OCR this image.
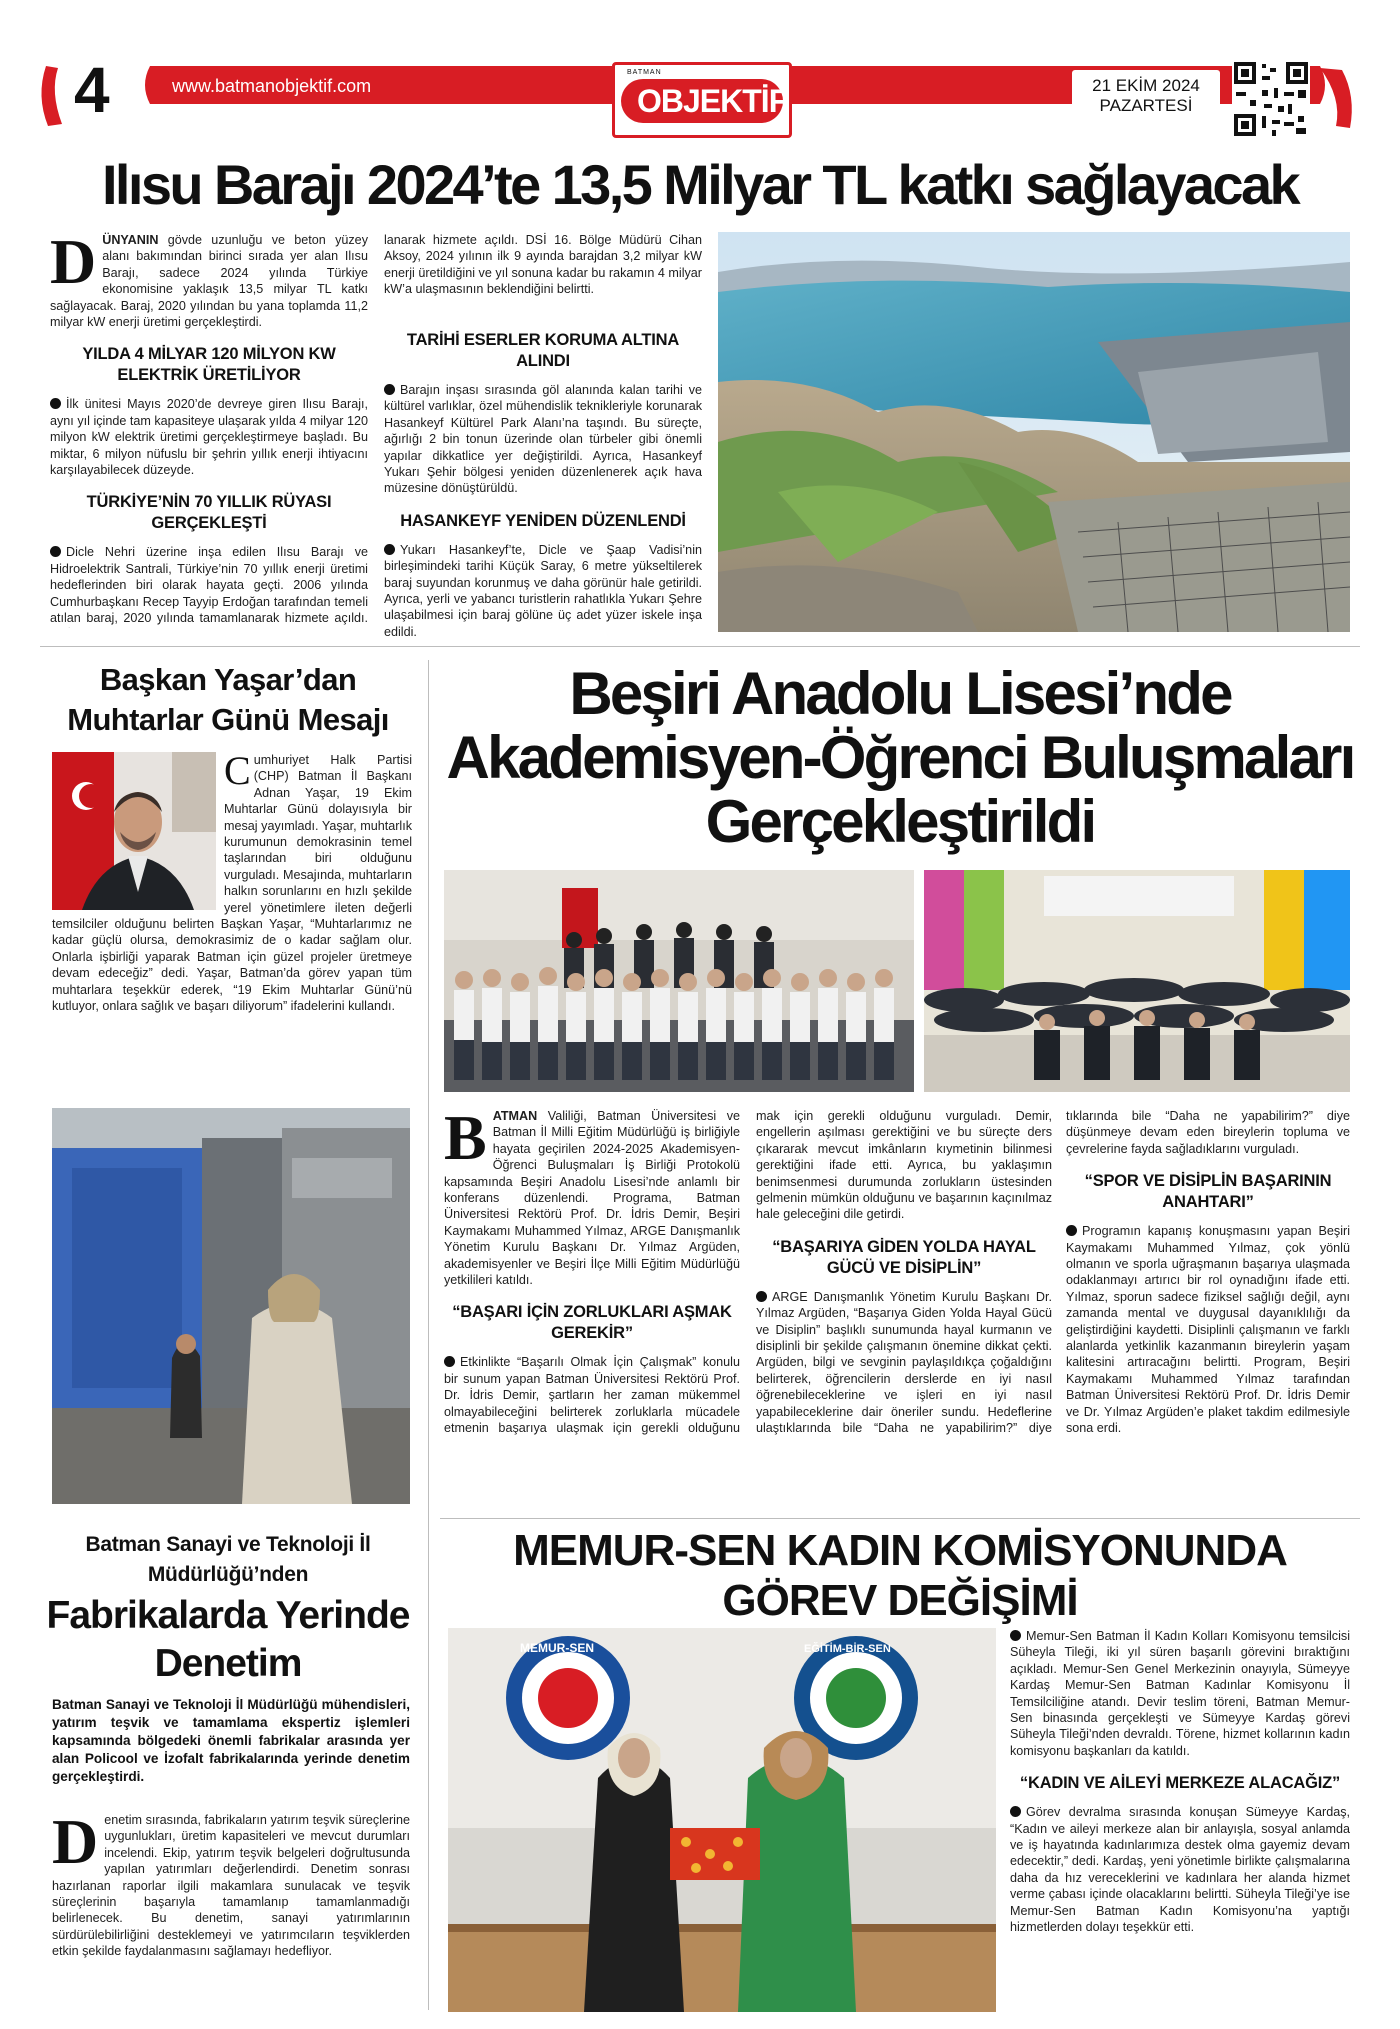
4	www.batmanobjektif.com
BATMAN
OBJEKTİF	21 EKİM 2024
PAZARTESİ
Ilısu Barajı 2024’te 13,5 Milyar TL katkı sağlayacak

DÜNYANIN gövde uzunluğu ve beton yüzey alanı bakımından birinci sırada yer alan Ilısu Barajı, sadece 2024 yılında Türkiye ekonomisine yaklaşık 13,5 milyar TL katkı sağlayacak. Baraj, 2020 yılından bu yana toplamda 11,2 milyar kW enerji üretimi gerçekleştirdi.

YILDA 4 MİLYAR 120 MİLYON KW ELEKTRİK ÜRETİLİYOR

İlk ünitesi Mayıs 2020’de devreye giren Ilısu Barajı, aynı yıl içinde tam kapasiteye ulaşarak yılda 4 milyar 120 milyon kW elektrik üretimi gerçekleştirmeye başladı. Bu miktar, 6 milyon nüfuslu bir şehrin yıllık enerji ihtiyacını karşılayabilecek düzeyde.

TÜRKİYE’NİN 70 YILLIK RÜYASI GERÇEKLEŞTİ

Dicle Nehri üzerine inşa edilen Ilısu Barajı ve Hidroelektrik Santrali, Türkiye’nin 70 yıllık enerji üretimi hedeflerinden biri olarak hayata geçti. 2006 yılında Cumhurbaşkanı Recep Tayyip Erdoğan tarafından temeli atılan baraj, 2020 yılında tamamlanarak hizmete açıldı.

lanarak hizmete açıldı. DSİ 16. Bölge Müdürü Cihan Aksoy, 2024 yılının ilk 9 ayında barajdan 3,2 milyar kW enerji üretildiğini ve yıl sonuna kadar bu rakamın 4 milyar kW’a ulaşmasının beklendiğini belirtti.

TARİHİ ESERLER KORUMA ALTINA ALINDI

Barajın inşası sırasında göl alanında kalan tarihi ve kültürel varlıklar, özel mühendislik teknikleriyle korunarak Hasankeyf Kültürel Park Alanı’na taşındı. Bu süreçte, ağırlığı 2 bin tonun üzerinde olan türbeler gibi önemli yapılar dikkatlice yer değiştirildi. Ayrıca, Hasankeyf Yukarı Şehir bölgesi yeniden düzenlenerek açık hava müzesine dönüştürüldü.

HASANKEYF YENİDEN DÜZENLENDİ

Yukarı Hasankeyf’te, Dicle ve Şaap Vadisi’nin birleşimindeki tarihi Küçük Saray, 6 metre yükseltilerek baraj suyundan korunmuş ve daha görünür hale getirildi. Ayrıca, yerli ve yabancı turistlerin rahatlıkla Yukarı Şehre ulaşabilmesi için baraj gölüne üç adet yüzer iskele inşa edildi.

Başkan Yaşar’dan Muhtarlar Günü Mesajı

Cumhuriyet Halk Partisi (CHP) Batman İl Başkanı Adnan Yaşar, 19 Ekim Muhtarlar Günü dolayısıyla bir mesaj yayımladı. Yaşar, muhtarlık kurumunun demokrasinin temel taşlarından biri olduğunu vurguladı. Mesajında, muhtarların halkın sorunlarını en hızlı şekilde yerel yönetimlere ileten değerli temsilciler olduğunu belirten Başkan Yaşar, “Muhtarlarımız ne kadar güçlü olursa, demokrasimiz de o kadar sağlam olur. Onlarla işbirliği yaparak Batman için güzel projeler üretmeye devam edeceğiz” dedi. Yaşar, Batman’da görev yapan tüm muhtarlara teşekkür ederek, “19 Ekim Muhtarlar Günü’nü kutluyor, onlara sağlık ve başarı diliyorum” ifadelerini kullandı.

Batman Sanayi ve Teknoloji İl Müdürlüğü’nden
Fabrikalarda Yerinde Denetim
Batman Sanayi ve Teknoloji İl Müdürlüğü mühendisleri, yatırım teşvik ve tamamlama ekspertiz işlemleri kapsamında bölgedeki önemli fabrikalar arasında yer alan Policool ve İzofalt fabrikalarında yerinde denetim gerçekleştirdi.

Denetim sırasında, fabrikaların yatırım teşvik süreçlerine uygunlukları, üretim kapasiteleri ve mevcut durumları incelendi. Ekip, yatırım teşvik belgeleri doğrultusunda yapılan yatırımları değerlendirdi. Denetim sonrası hazırlanan raporlar ilgili makamlara sunulacak ve teşvik süreçlerinin başarıyla tamamlanıp tamamlanmadığı belirlenecek. Bu denetim, sanayi yatırımlarının sürdürülebilirliğini desteklemeyi ve yatırımcıların teşviklerden etkin şekilde faydalanmasını sağlamayı hedefliyor.

Beşiri Anadolu Lisesi’nde Akademisyen-Öğrenci Buluşmaları Gerçekleştirildi

BATMAN Valiliği, Batman Üniversitesi ve Batman İl Milli Eğitim Müdürlüğü iş birliğiyle hayata geçirilen 2024-2025 Akademisyen-Öğrenci Buluşmaları İş Birliği Protokolü kapsamında Beşiri Anadolu Lisesi’nde anlamlı bir konferans düzenlendi. Programa, Batman Üniversitesi Rektörü Prof. Dr. İdris Demir, Beşiri Kaymakamı Muhammed Yılmaz, ARGE Danışmanlık Yönetim Kurulu Başkanı Dr. Yılmaz Argüden, akademisyenler ve Beşiri İlçe Milli Eğitim Müdürlüğü yetkilileri katıldı.

“BAŞARI İÇİN ZORLUKLARI AŞMAK GEREKİR”

Etkinlikte “Başarılı Olmak İçin Çalışmak” konulu bir sunum yapan Batman Üniversitesi Rektörü Prof. Dr. İdris Demir, şartların her zaman mükemmel olmayabileceğini belirterek zorluklarla mücadele etmenin başarıya ulaşmak için gerekli olduğunu

mak için gerekli olduğunu vurguladı. Demir, engellerin aşılması gerektiğini ve bu süreçte ders çıkararak mevcut imkânların kıymetinin bilinmesi gerektiğini ifade etti. Ayrıca, bu yaklaşımın benimsenmesi durumunda zorlukların üstesinden gelmenin mümkün olduğunu ve başarının kaçınılmaz hale geleceğini dile getirdi.

“BAŞARIYA GİDEN YOLDA HAYAL GÜCÜ VE DİSİPLİN”

ARGE Danışmanlık Yönetim Kurulu Başkanı Dr. Yılmaz Argüden, “Başarıya Giden Yolda Hayal Gücü ve Disiplin” başlıklı sunumunda hayal kurmanın ve disiplinli bir şekilde çalışmanın önemine dikkat çekti. Argüden, bilgi ve sevginin paylaşıldıkça çoğaldığını belirterek, öğrencilerin derslerde en iyi nasıl öğrenebileceklerine ve işleri en iyi nasıl yapabileceklerine dair öneriler sundu. Hedeflerine ulaştıklarında bile “Daha ne yapabilirim?” diye

tıklarında bile “Daha ne yapabilirim?” diye düşünmeye devam eden bireylerin topluma ve çevrelerine fayda sağladıklarını vurguladı.

“SPOR VE DİSİPLİN BAŞARININ ANAHTARI”

Programın kapanış konuşmasını yapan Beşiri Kaymakamı Muhammed Yılmaz, çok yönlü olmanın ve sporla uğraşmanın başarıya ulaşmada odaklanmayı artırıcı bir rol oynadığını ifade etti. Yılmaz, sporun sadece fiziksel sağlığı değil, aynı zamanda mental ve duygusal dayanıklılığı da geliştirdiğini kaydetti. Disiplinli çalışmanın ve farklı alanlarda yetkinlik kazanmanın bireylerin yaşam kalitesini artıracağını belirtti. Program, Beşiri Kaymakamı Muhammed Yılmaz tarafından Batman Üniversitesi Rektörü Prof. Dr. İdris Demir ve Dr. Yılmaz Argüden’e plaket takdim edilmesiyle sona erdi.

MEMUR-SEN KADIN KOMİSYONUNDA GÖREV DEĞİŞİMİ
MEMUR-SEN	EĞİTİM-BİR-SEN

Memur-Sen Batman İl Kadın Kolları Komisyonu temsilcisi Süheyla Tileği, iki yıl süren başarılı görevini bıraktığını açıkladı. Memur-Sen Genel Merkezinin onayıyla, Sümeyye Kardaş Memur-Sen Batman Kadınlar Komisyonu İl Temsilciliğine atandı. Devir teslim töreni, Batman Memur-Sen binasında gerçekleşti ve Sümeyye Kardaş görevi Süheyla Tileği’nden devraldı. Törene, hizmet kollarının kadın komisyonu başkanları da katıldı.

“KADIN VE AİLEYİ MERKEZE ALACAĞIZ”

Görev devralma sırasında konuşan Sümeyye Kardaş, “Kadın ve aileyi merkeze alan bir anlayışla, sosyal anlamda ve iş hayatında kadınlarımıza destek olma gayemiz devam edecektir,” dedi. Kardaş, yeni yönetimle birlikte çalışmalarına daha da hız vereceklerini ve kadınlara her alanda hizmet verme çabası içinde olacaklarını belirtti. Süheyla Tileği’ye ise Memur-Sen Batman Kadın Komisyonu’na yaptığı hizmetlerden dolayı teşekkür etti.
